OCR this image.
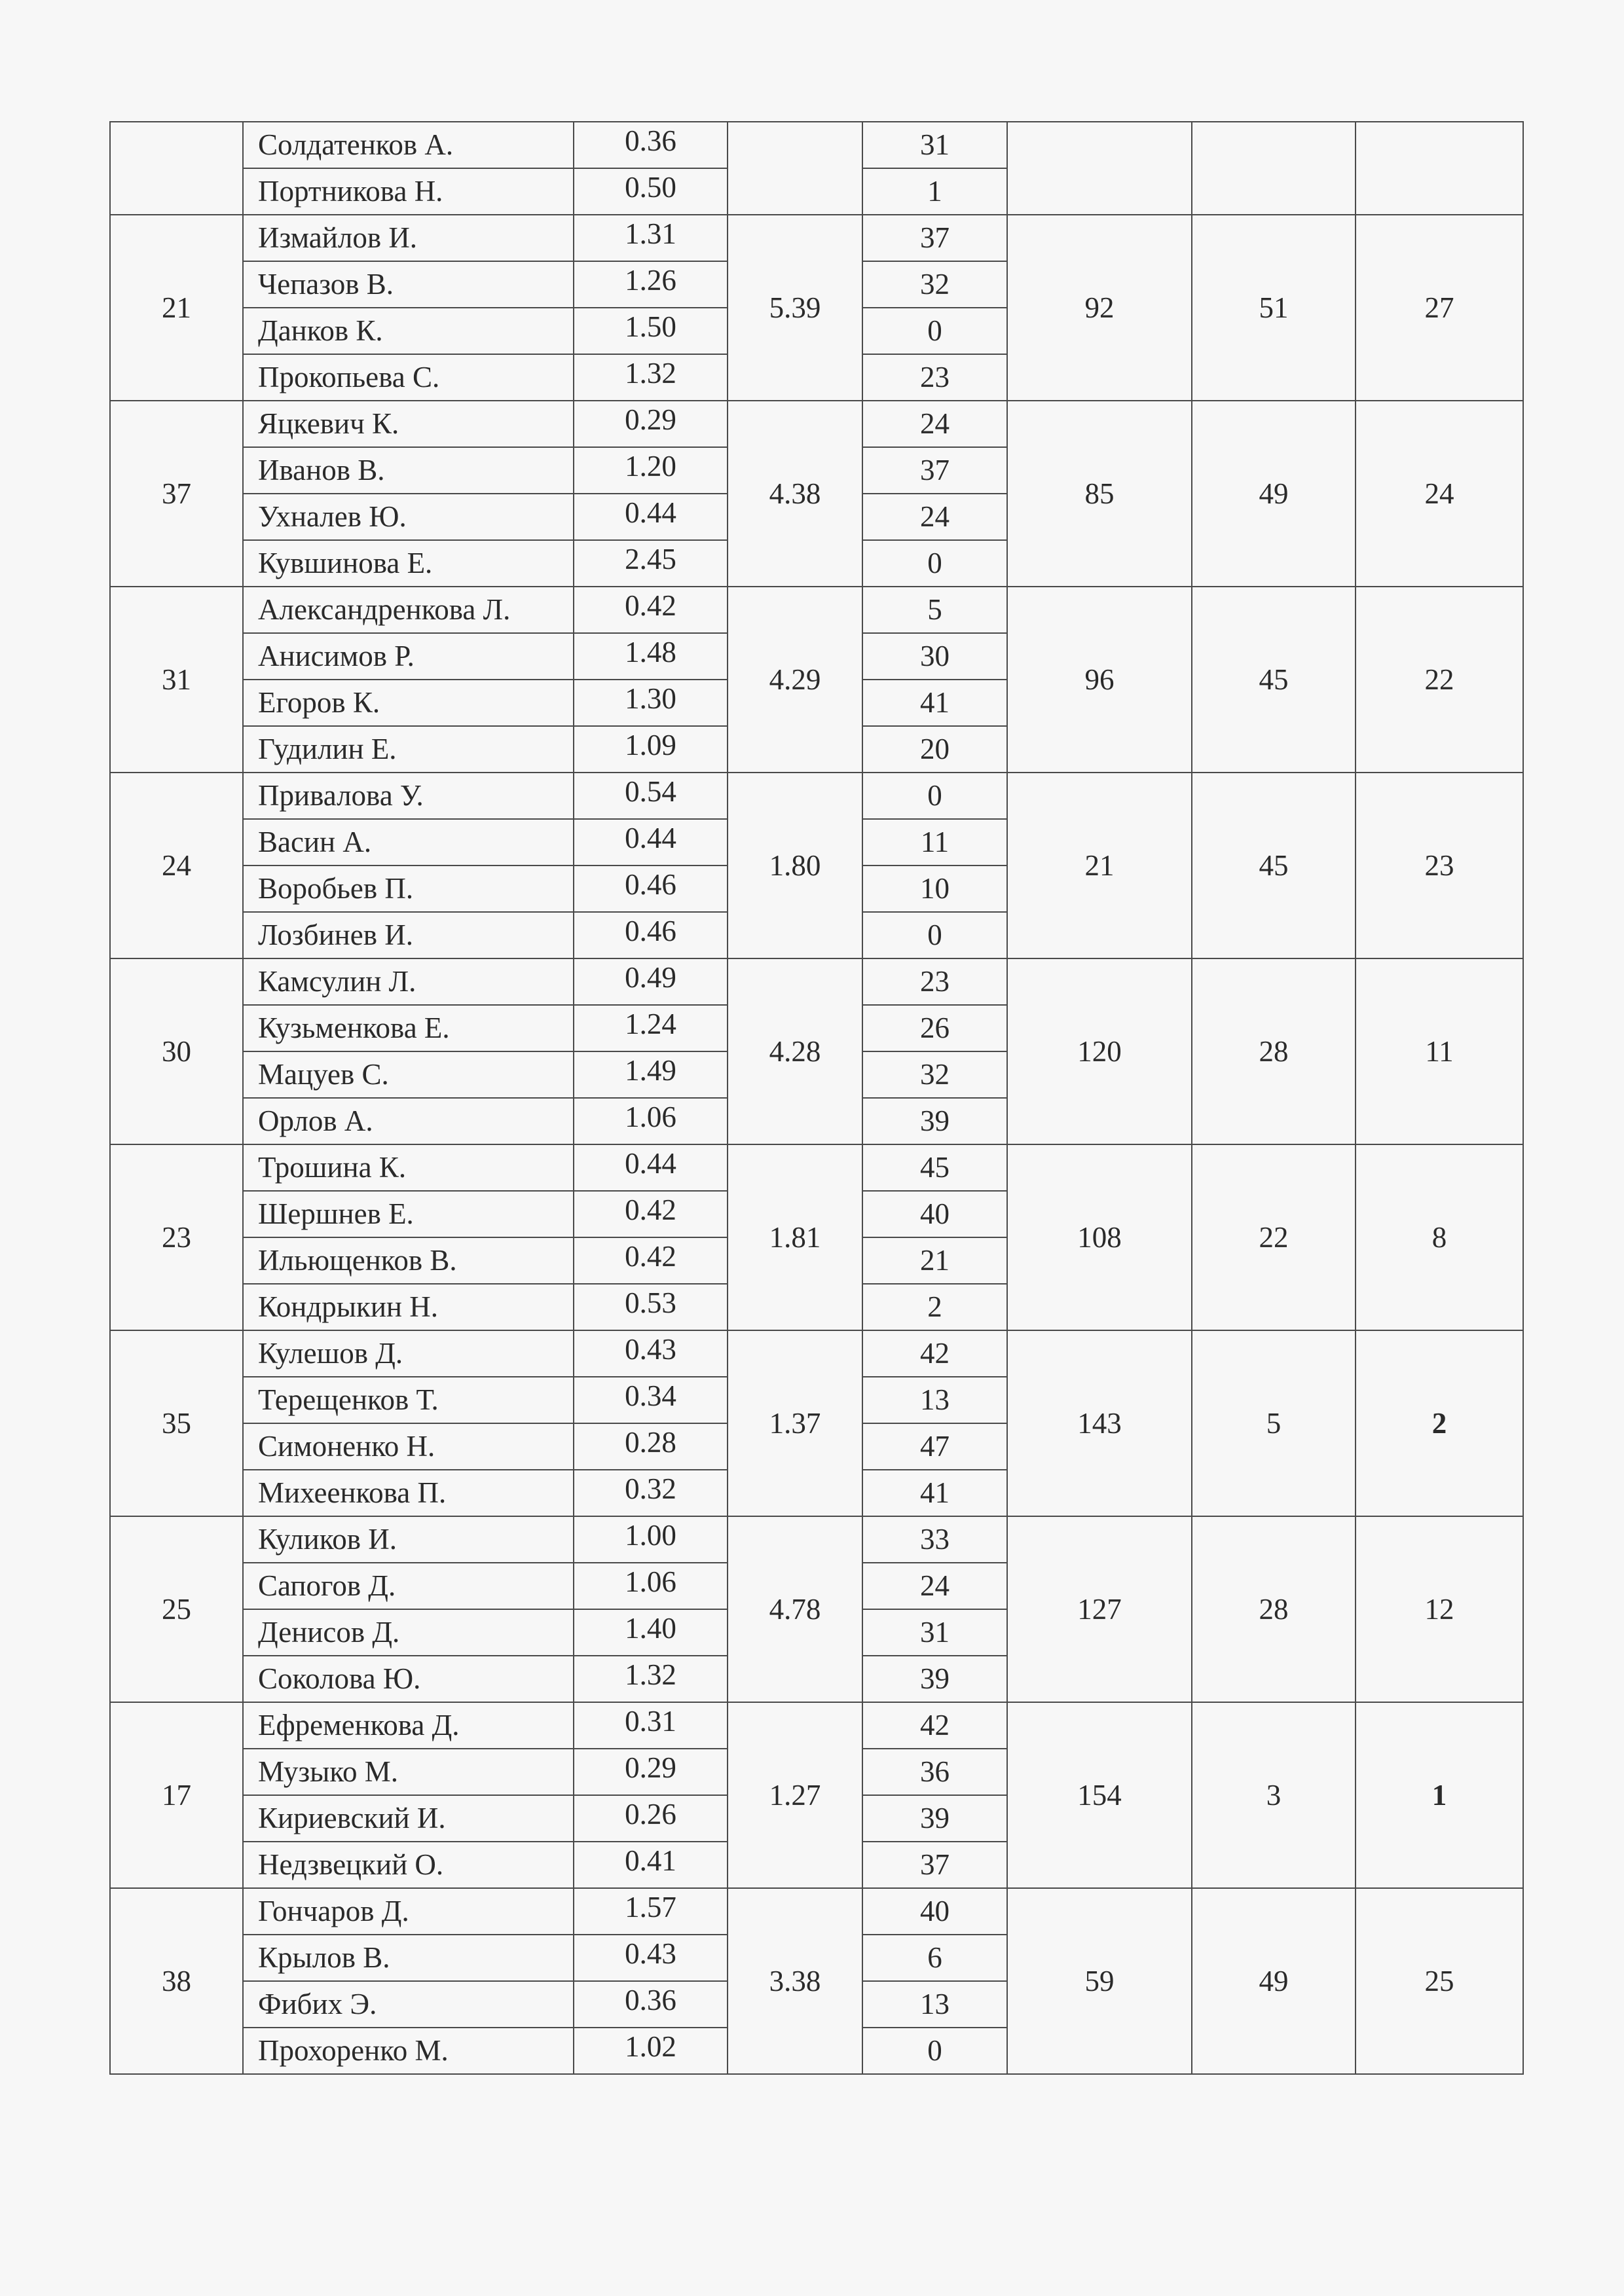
	Солдатенков А.	0.36		31			
	Портникова Н.	0.50		1			
21	Измайлов И.	1.31	5.39	37	92	51	27
	Чепазов В.	1.26		32			
	Данков К.	1.50		0			
	Прокопьева С.	1.32		23			
37	Яцкевич К.	0.29	4.38	24	85	49	24
	Иванов В.	1.20		37			
	Ухналев Ю.	0.44		24			
	Кувшинова Е.	2.45		0			
31	Александренкова Л.	0.42	4.29	5	96	45	22
	Анисимов Р.	1.48		30			
	Егоров К.	1.30		41			
	Гудилин Е.	1.09		20			
24	Привалова У.	0.54	1.80	0	21	45	23
	Васин А.	0.44		11			
	Воробьев П.	0.46		10			
	Лозбинев И.	0.46		0			
30	Камсулин Л.	0.49	4.28	23	120	28	11
	Кузьменкова Е.	1.24		26			
	Мацуев С.	1.49		32			
	Орлов А.	1.06		39			
23	Трошина К.	0.44	1.81	45	108	22	8
	Шершнев Е.	0.42		40			
	Ильющенков В.	0.42		21			
	Кондрыкин Н.	0.53		2			
35	Кулешов Д.	0.43	1.37	42	143	5	2
	Терещенков Т.	0.34		13			
	Симоненко Н.	0.28		47			
	Михеенкова П.	0.32		41			
25	Куликов И.	1.00	4.78	33	127	28	12
	Сапогов Д.	1.06		24			
	Денисов Д.	1.40		31			
	Соколова Ю.	1.32		39			
17	Ефременкова Д.	0.31	1.27	42	154	3	1
	Музыко М.	0.29		36			
	Кириевский И.	0.26		39			
	Недзвецкий О.	0.41		37			
38	Гончаров Д.	1.57	3.38	40	59	49	25
	Крылов В.	0.43		6			
	Фибих Э.	0.36		13			
	Прохоренко М.	1.02		0			
